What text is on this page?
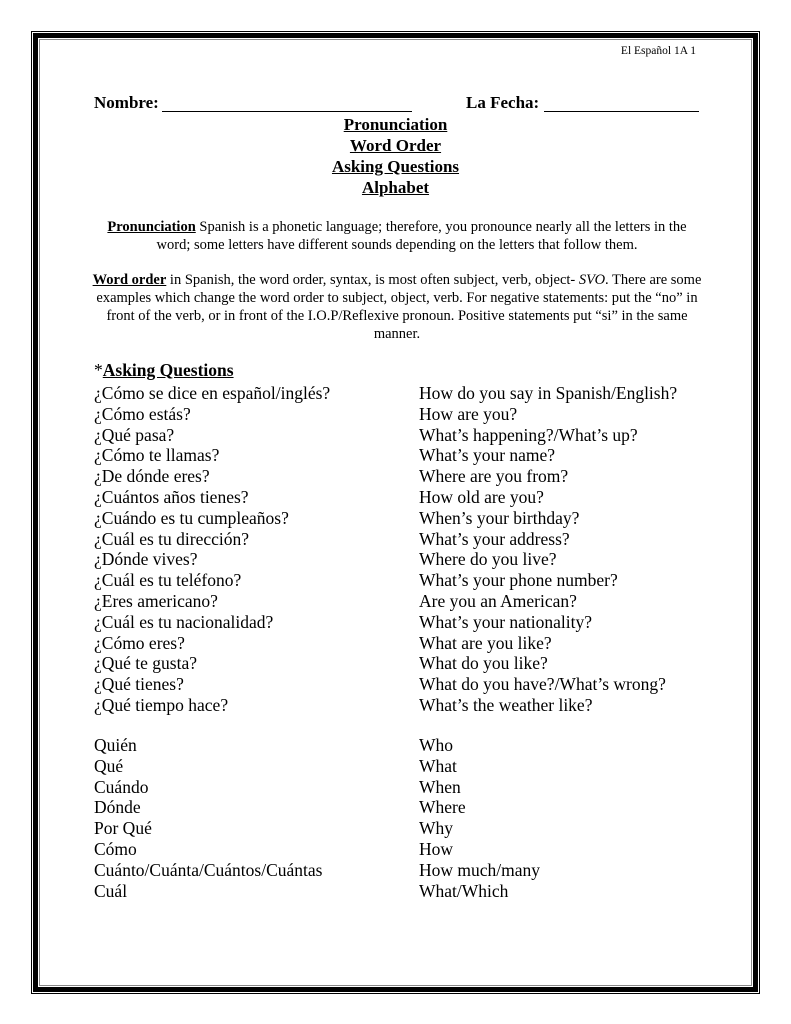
El Español 1A 1
Nombre:	La Fecha:
Pronunciation
Word Order
Asking Questions
Alphabet
Pronunciation Spanish is a phonetic language; therefore, you pronounce nearly all the letters in the word; some letters have different sounds depending on the letters that follow them.
Word order in Spanish, the word order, syntax, is most often subject, verb, object- SVO. There are some examples which change the word order to subject, object, verb. For negative statements: put the “no” in front of the verb, or in front of the I.O.P/Reflexive pronoun. Positive statements put “si” in the same manner.
*Asking Questions
¿Cómo se dice en español/inglés?	How do you say in Spanish/English?
¿Cómo estás?	How are you?
¿Qué pasa?	What’s happening?/What’s up?
¿Cómo te llamas?	What’s your name?
¿De dónde eres?	Where are you from?
¿Cuántos años tienes?	How old are you?
¿Cuándo es tu cumpleaños?	When’s your birthday?
¿Cuál es tu dirección?	What’s your address?
¿Dónde vives?	Where do you live?
¿Cuál es tu teléfono?	What’s your phone number?
¿Eres americano?	Are you an American?
¿Cuál es tu nacionalidad?	What’s your nationality?
¿Cómo eres?	What are you like?
¿Qué te gusta?	What do you like?
¿Qué tienes?	What do you have?/What’s wrong?
¿Qué tiempo hace?	What’s the weather like?
Quién	Who
Qué	What
Cuándo	When
Dónde	Where
Por Qué	Why
Cómo	How
Cuánto/Cuánta/Cuántos/Cuántas	How much/many
Cuál	What/Which
